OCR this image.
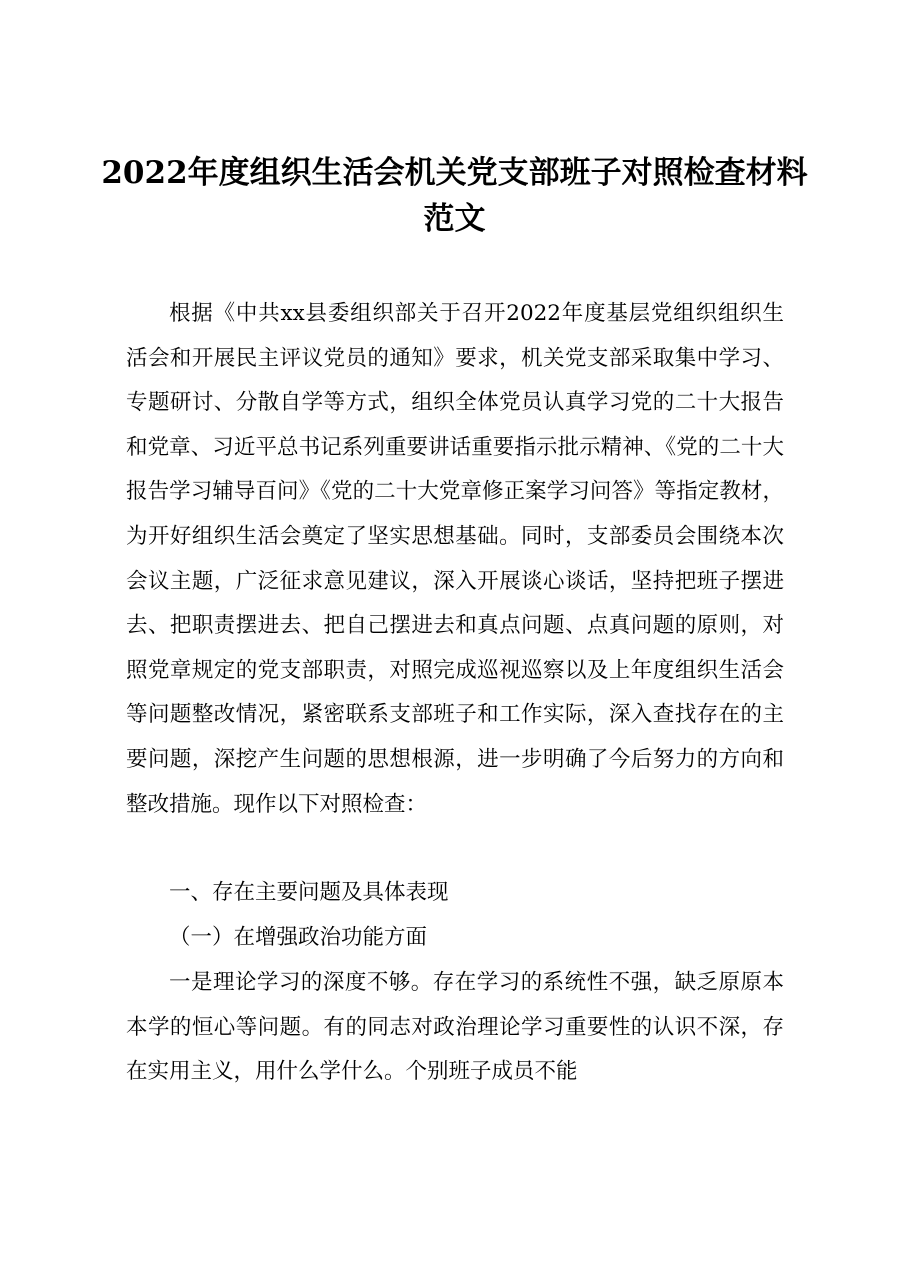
2022年度组织生活会机关党支部班子对照检查材料范文

根据《中共xx县委组织部关于召开2022年度基层党组织组织生活会和开展民主评议党员的通知》要求，机关党支部采取集中学习、专题研讨、分散自学等方式，组织全体党员认真学习党的二十大报告和党章、习近平总书记系列重要讲话重要指示批示精神、《党的二十大报告学习辅导百问》《党的二十大党章修正案学习问答》等指定教材，为开好组织生活会奠定了坚实思想基础。同时，支部委员会围绕本次会议主题，广泛征求意见建议，深入开展谈心谈话，坚持把班子摆进去、把职责摆进去、把自己摆进去和真点问题、点真问题的原则，对照党章规定的党支部职责，对照完成巡视巡察以及上年度组织生活会等问题整改情况，紧密联系支部班子和工作实际，深入查找存在的主要问题，深挖产生问题的思想根源，进一步明确了今后努力的方向和整改措施。现作以下对照检查：

一、存在主要问题及具体表现

（一）在增强政治功能方面

一是理论学习的深度不够。存在学习的系统性不强，缺乏原原本本学的恒心等问题。有的同志对政治理论学习重要性的认识不深，存在实用主义，用什么学什么。个别班子成员不能
